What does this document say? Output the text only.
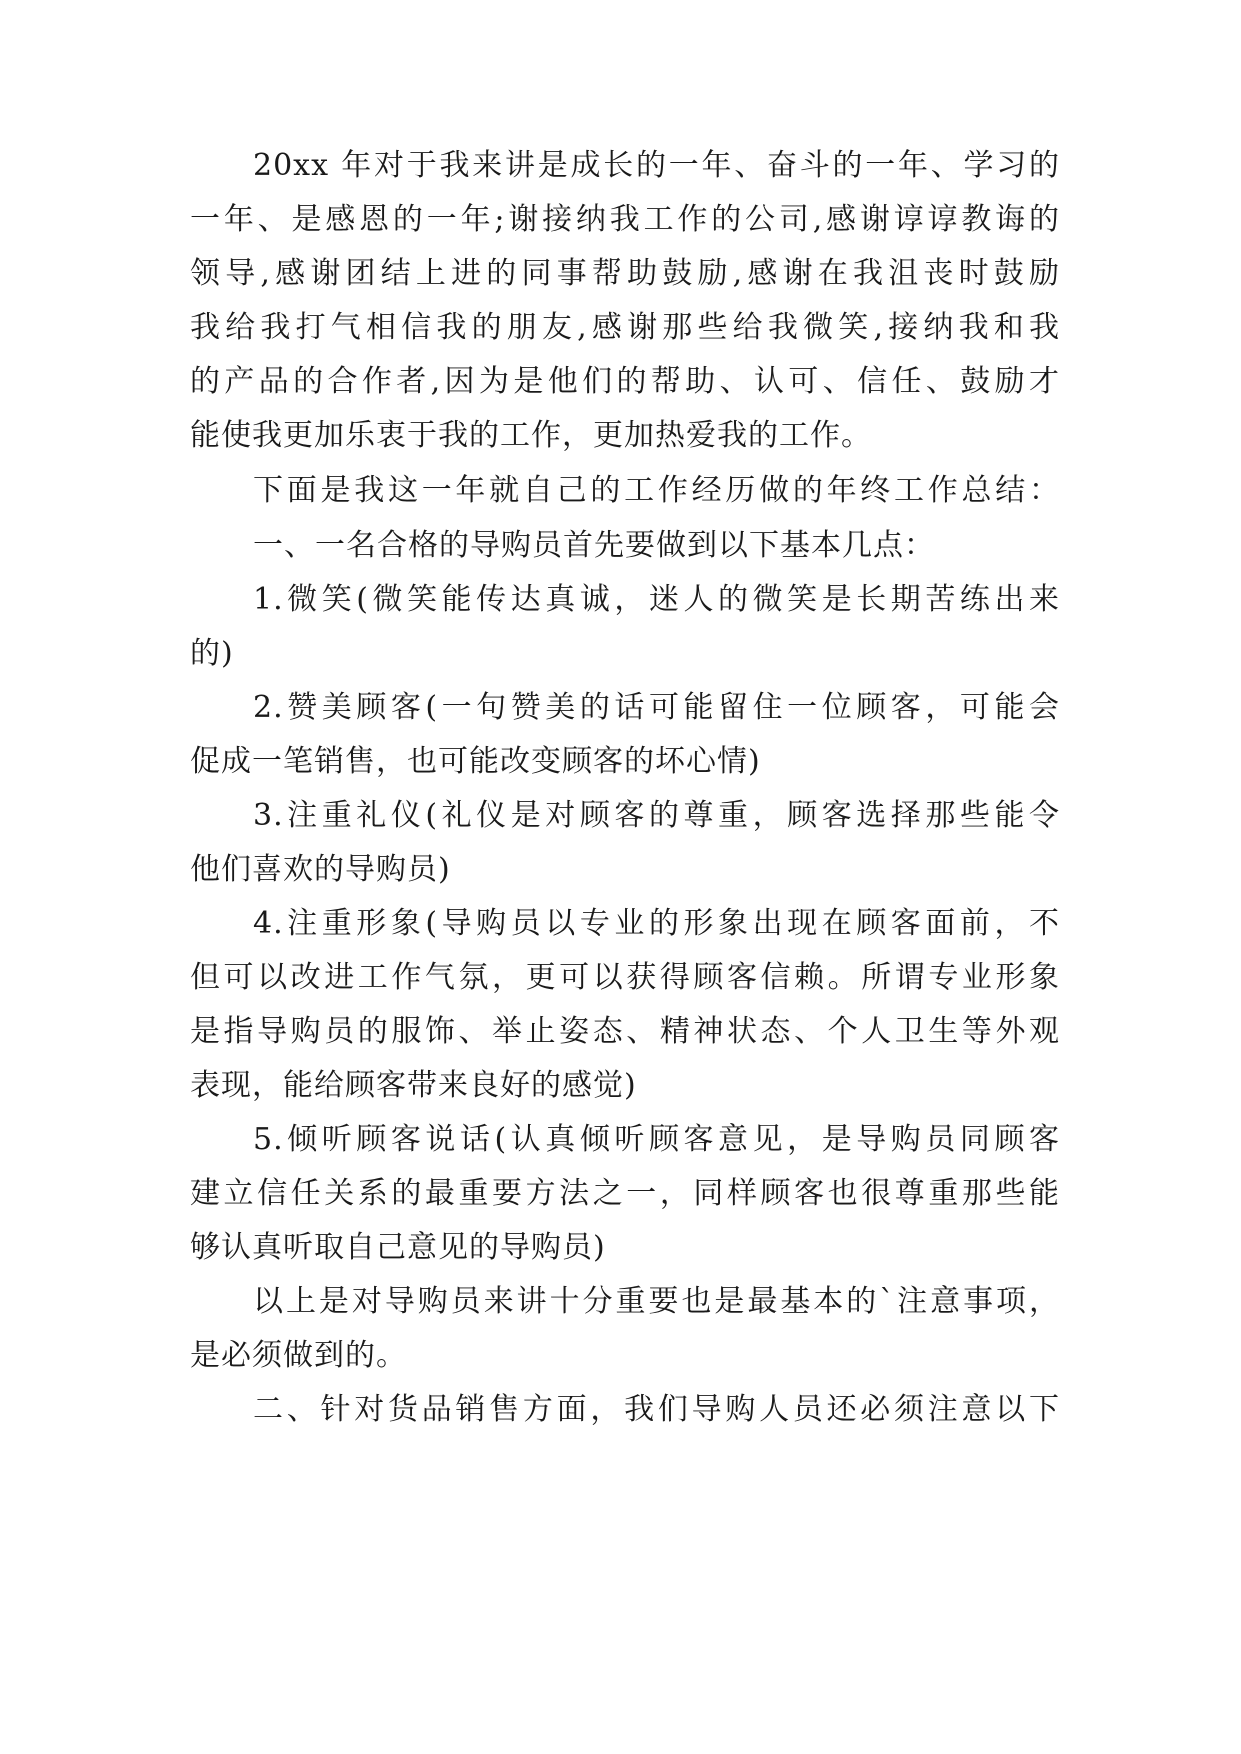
20xx 年对于我来讲是成长的一年、奋斗的一年、学习的
一年、是感恩的一年;谢接纳我工作的公司,感谢谆谆教诲的
领导,感谢团结上进的同事帮助鼓励,感谢在我沮丧时鼓励
我给我打气相信我的朋友,感谢那些给我微笑,接纳我和我
的产品的合作者,因为是他们的帮助、认可、信任、鼓励才
能使我更加乐衷于我的工作，更加热爱我的工作。
下面是我这一年就自己的工作经历做的年终工作总结：
一、一名合格的导购员首先要做到以下基本几点：
1.微笑(微笑能传达真诚，迷人的微笑是长期苦练出来
的)
2.赞美顾客(一句赞美的话可能留住一位顾客，可能会
促成一笔销售，也可能改变顾客的坏心情)
3.注重礼仪(礼仪是对顾客的尊重，顾客选择那些能令
他们喜欢的导购员)
4.注重形象(导购员以专业的形象出现在顾客面前，不
但可以改进工作气氛，更可以获得顾客信赖。所谓专业形象
是指导购员的服饰、举止姿态、精神状态、个人卫生等外观
表现，能给顾客带来良好的感觉)
5.倾听顾客说话(认真倾听顾客意见，是导购员同顾客
建立信任关系的最重要方法之一，同样顾客也很尊重那些能
够认真听取自己意见的导购员)
以上是对导购员来讲十分重要也是最基本的`注意事项，
是必须做到的。
二、针对货品销售方面，我们导购人员还必须注意以下
